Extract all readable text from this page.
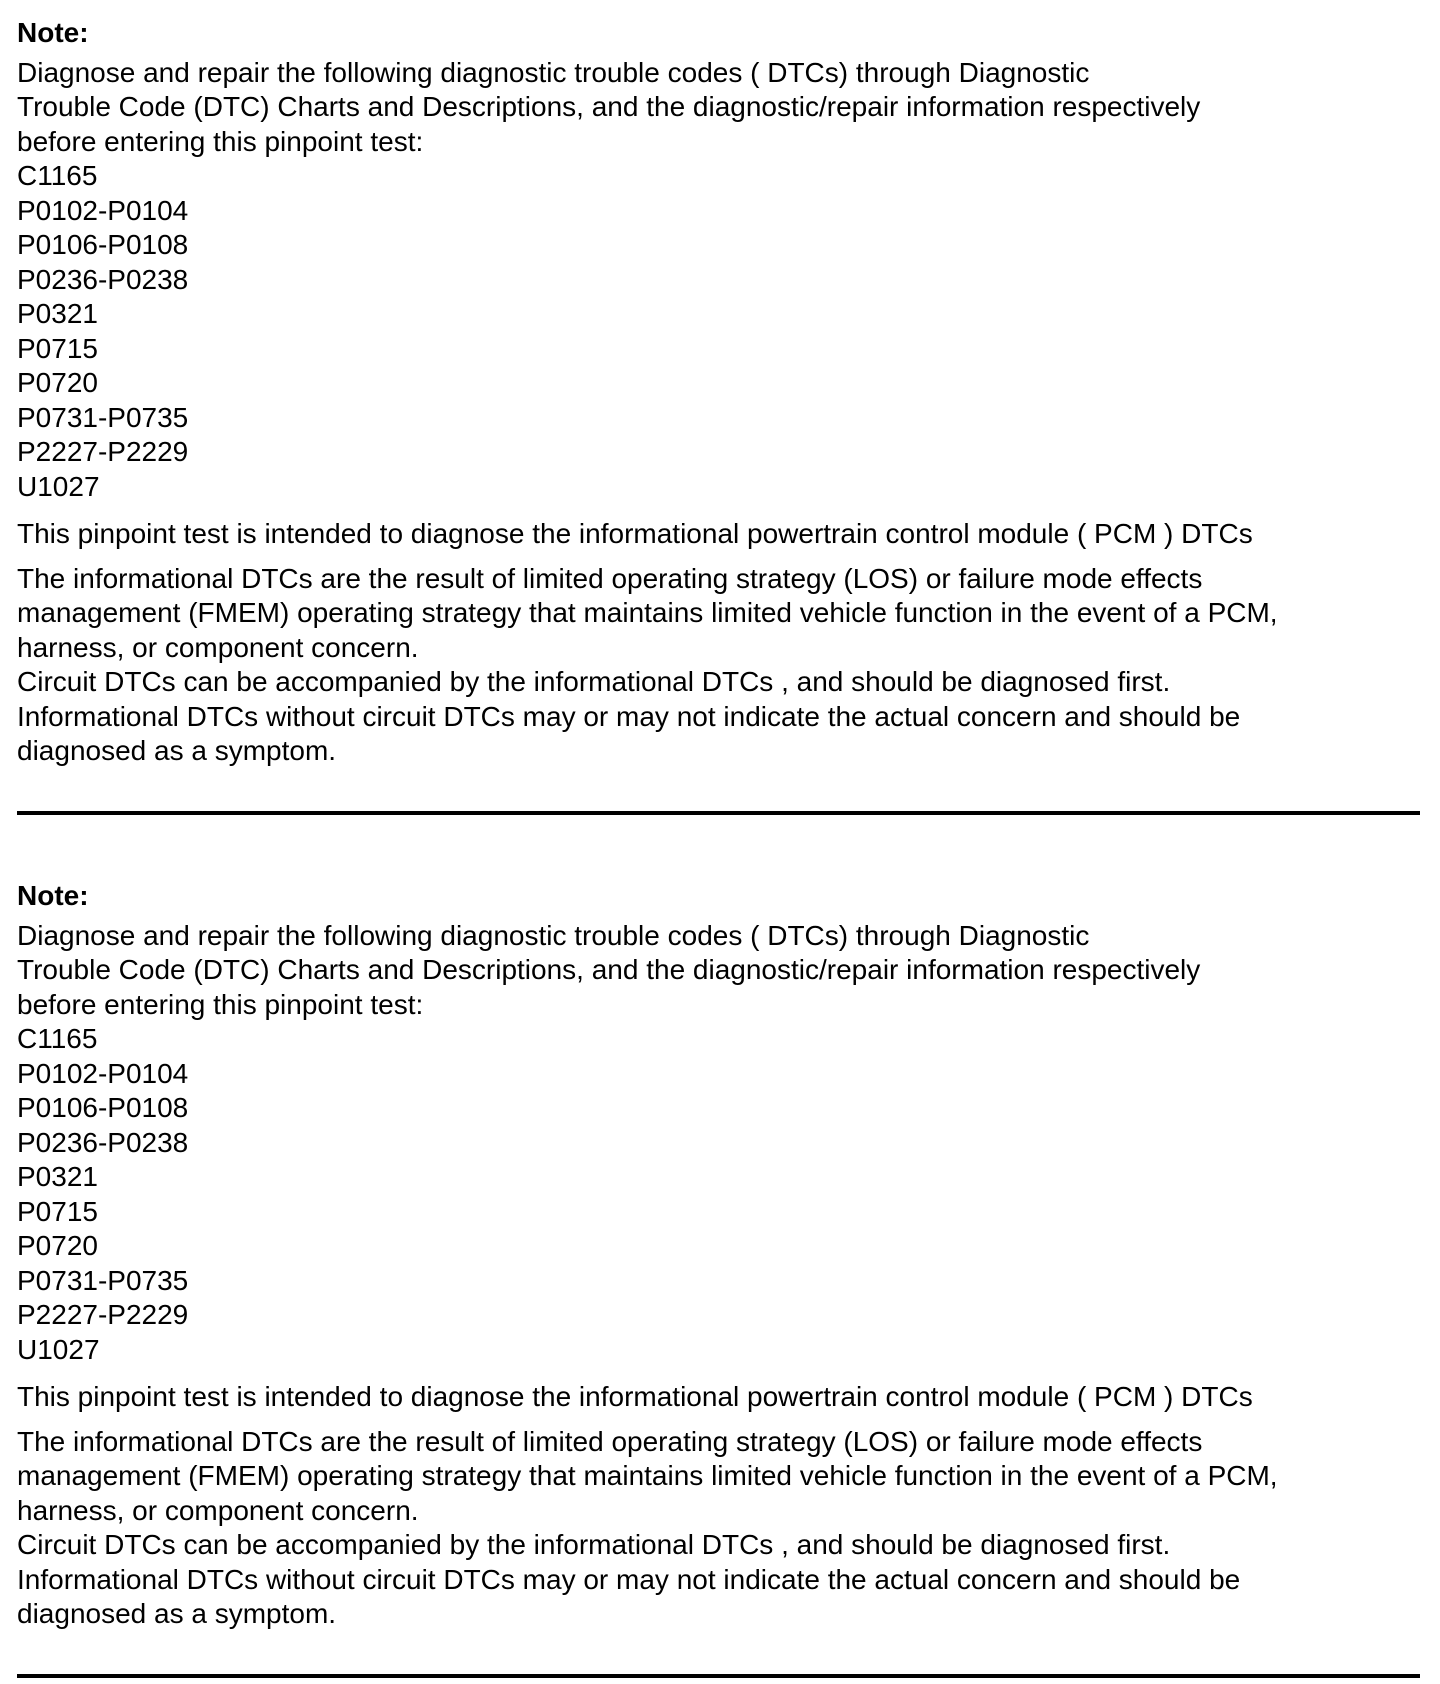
Note:
Diagnose and repair the following diagnostic trouble codes ( DTCs) through Diagnostic
Trouble Code (DTC) Charts and Descriptions, and the diagnostic/repair information respectively
before entering this pinpoint test:
C1165
P0102-P0104
P0106-P0108
P0236-P0238
P0321
P0715
P0720
P0731-P0735
P2227-P2229
U1027
This pinpoint test is intended to diagnose the informational powertrain control module ( PCM ) DTCs
The informational DTCs are the result of limited operating strategy (LOS) or failure mode effects
management (FMEM) operating strategy that maintains limited vehicle function in the event of a PCM,
harness, or component concern.
Circuit DTCs can be accompanied by the informational DTCs , and should be diagnosed first.
Informational DTCs without circuit DTCs may or may not indicate the actual concern and should be
diagnosed as a symptom.
Note:
Diagnose and repair the following diagnostic trouble codes ( DTCs) through Diagnostic
Trouble Code (DTC) Charts and Descriptions, and the diagnostic/repair information respectively
before entering this pinpoint test:
C1165
P0102-P0104
P0106-P0108
P0236-P0238
P0321
P0715
P0720
P0731-P0735
P2227-P2229
U1027
This pinpoint test is intended to diagnose the informational powertrain control module ( PCM ) DTCs
The informational DTCs are the result of limited operating strategy (LOS) or failure mode effects
management (FMEM) operating strategy that maintains limited vehicle function in the event of a PCM,
harness, or component concern.
Circuit DTCs can be accompanied by the informational DTCs , and should be diagnosed first.
Informational DTCs without circuit DTCs may or may not indicate the actual concern and should be
diagnosed as a symptom.
